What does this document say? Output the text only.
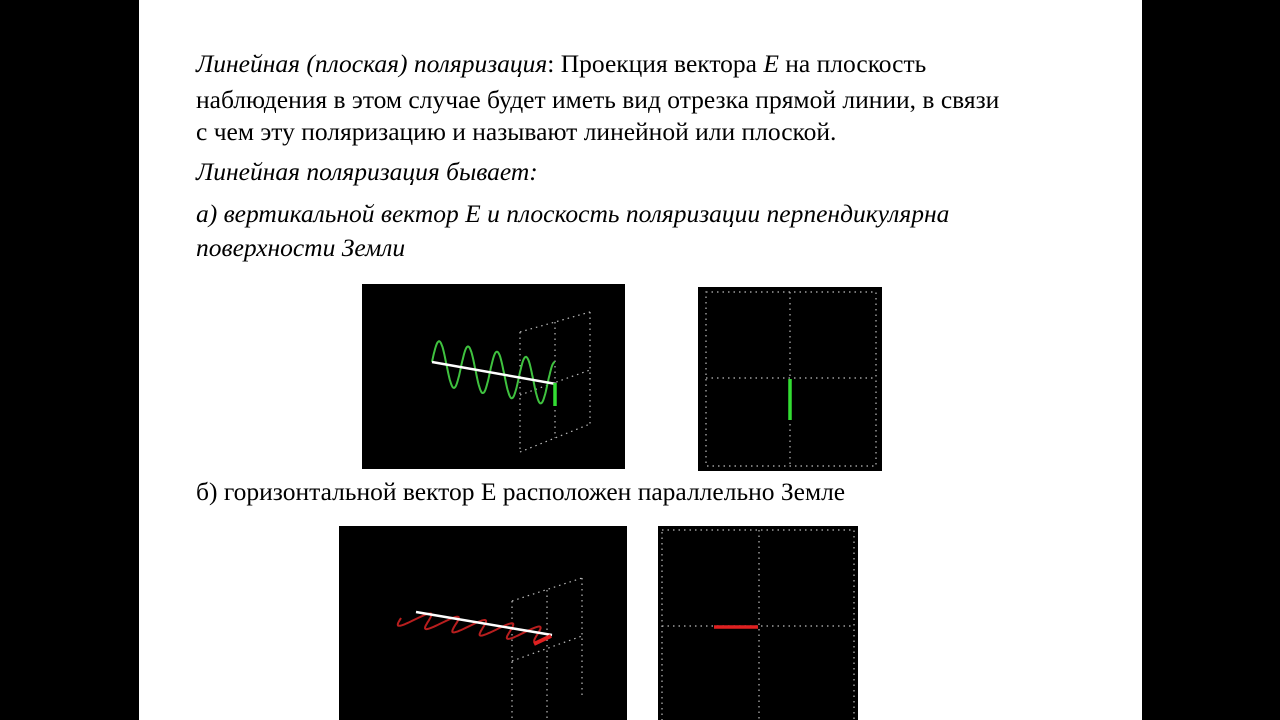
Линейная (плоская) поляризация: Проекция вектора E на плоскость
наблюдения в этом случае будет иметь вид отрезка прямой линии, в связи
с чем эту поляризацию и называют линейной или плоской.
Линейная поляризация бывает:
а) вертикальной вектор Е и плоскость поляризации перпендикулярна
поверхности Земли
б) горизонтальной вектор Е расположен параллельно Земле
